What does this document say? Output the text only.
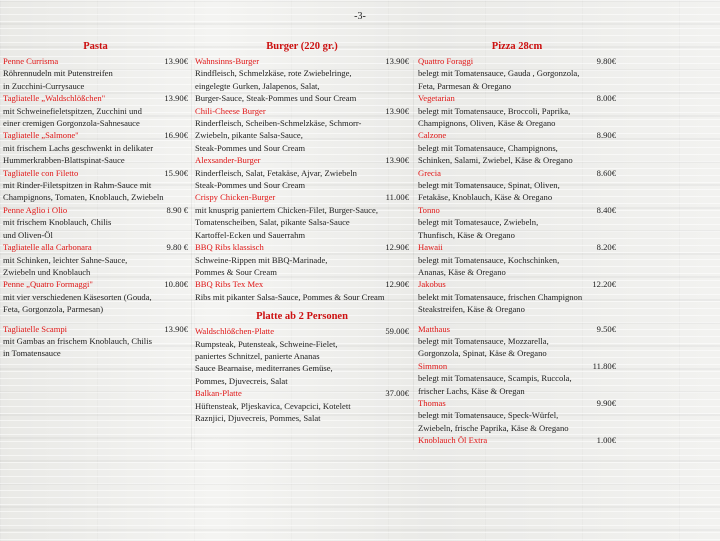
-3-
Pasta
Penne Currisma	13.90€
Röhrennudeln mit Putenstreifen
in Zucchini-Currysauce
Tagliatelle „Waldschlößchen"	13.90€
mit Schweinefieletspitzen, Zucchini und
einer cremigen Gorgonzola-Sahnesauce
Tagliatelle „Salmone"	16.90€
mit frischem Lachs geschwenkt in delikater
Hummerkrabben-Blattspinat-Sauce
Tagliatelle con Filetto	15.90€
mit Rinder-Filetspitzen in Rahm-Sauce mit
Champignons, Tomaten, Knoblauch, Zwiebeln
Penne Aglio i Olio	8.90 €
mit frischem Knoblauch, Chilis
und Oliven-Öl
Tagliatelle alla Carbonara	9.80 €
mit Schinken, leichter Sahne-Sauce,
Zwiebeln und Knoblauch
Penne „Quatro Formaggi"	10.80€
mit vier verschiedenen Käsesorten (Gouda,
Feta, Gorgonzola, Parmesan)
Tagliatelle Scampi	13.90€
mit Gambas an frischem Knoblauch, Chilis
in Tomatensauce
Burger (220 gr.)
Wahnsinns-Burger	13.90€
Rindfleisch, Schmelzkäse, rote Zwiebelringe,
eingelegte Gurken, Jalapenos, Salat,
Burger-Sauce, Steak-Pommes und Sour Cream
Chili-Cheese Burger	13.90€
Rinderfleisch, Scheiben-Schmelzkäse, Schmorr-
Zwiebeln, pikante Salsa-Sauce,
Steak-Pommes und Sour Cream
Alexsander-Burger	13.90€
Rinderfleisch, Salat, Fetakäse, Ajvar, Zwiebeln
Steak-Pommes und Sour Cream
Crispy Chicken-Burger	11.00€
mit knusprig paniertem Chicken-Filet, Burger-Sauce,
Tomatenscheiben, Salat, pikante Salsa-Sauce
Kartoffel-Ecken und Sauerrahm
BBQ Ribs klassisch	12.90€
Schweine-Rippen mit BBQ-Marinade,
Pommes & Sour Cream
BBQ Ribs Tex Mex	12.90€
Ribs mit pikanter Salsa-Sauce, Pommes & Sour Cream
Platte ab 2 Personen
Waldschlößchen-Platte	59.00€
Rumpsteak, Putensteak, Schweine-Fielet,
paniertes Schnitzel, panierte Ananas
Sauce Bearnaise, mediterranes Gemüse,
Pommes, Djuvecreis, Salat
Balkan-Platte	37.00€
Hüftensteak, Pljeskavica, Cevapcici, Kotelett
Raznjici, Djuvecreis, Pommes, Salat
Pizza 28cm
Quattro Foraggi	9.80€
belegt mit Tomatensauce, Gauda , Gorgonzola,
Feta, Parmesan & Oregano
Vegetarian	8.00€
belegt mit Tomatensauce, Broccoli, Paprika,
Champignons, Oliven, Käse & Oregano
Calzone	8.90€
belegt mit Tomatensauce, Champignons,
Schinken, Salami, Zwiebel, Käse & Oregano
Grecia	8.60€
belegt mit Tomatensauce, Spinat, Oliven,
Fetakäse, Knoblauch, Käse & Oregano
Tonno	8.40€
belegt mit Tomatesauce, Zwiebeln,
Thunfisch, Käse & Oregano
Hawaii	8.20€
belegt mit Tomatensauce, Kochschinken,
Ananas, Käse & Oregano
Jakobus	12.20€
belekt mit Tomatensauce, frischen Champignon
Steakstreifen, Käse & Oregano
Matthaus	9.50€
belegt mit Tomatensauce, Mozzarella,
Gorgonzola, Spinat, Käse & Oregano
Simmon	11.80€
belegt mit Tomatensauce, Scampis, Ruccola,
frischer Lachs, Käse & Oregan
Thomas	9.90€
belegt mit Tomatensauce, Speck-Würfel,
Zwiebeln, frische Paprika, Käse & Oregano
Knoblauch Öl Extra	1.00€
